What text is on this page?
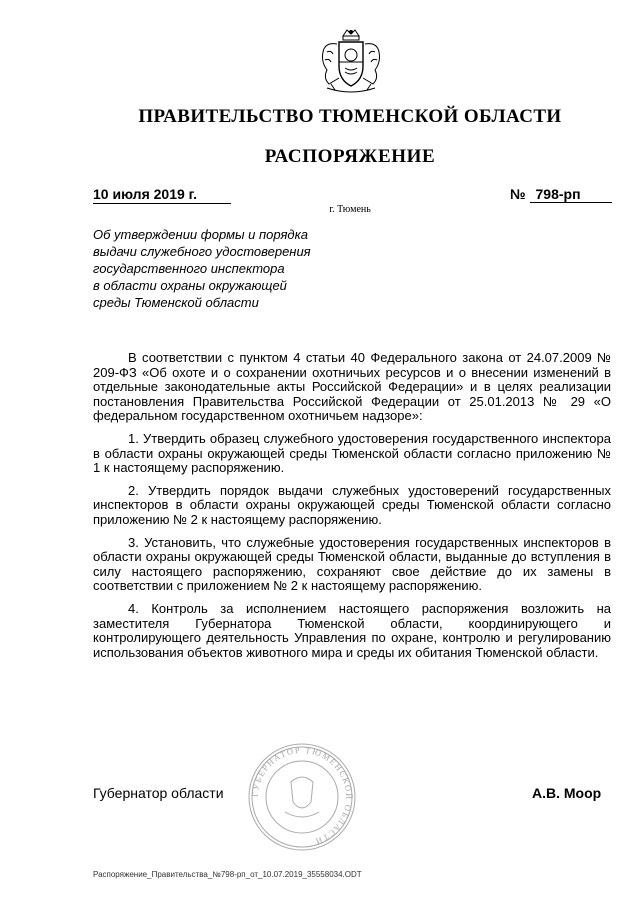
ПРАВИТЕЛЬСТВО ТЮМЕНСКОЙ ОБЛАСТИ
РАСПОРЯЖЕНИЕ
10 июля 2019 г.	№ 798-рп
г. Тюмень
Об утверждении формы и порядка
выдачи служебного удостоверения
государственного инспектора
в области охраны окружающей
среды Тюменской области

В соответствии с пунктом 4 статьи 40 Федерального закона от 24.07.2009 № 209-ФЗ «Об охоте и о сохранении охотничьих ресурсов и о внесении изменений в отдельные законодательные акты Российской Федерации» и в целях реализации постановления Правительства Российской Федерации от 25.01.2013 № 29 «О федеральном государственном охотничьем надзоре»:

1. Утвердить образец служебного удостоверения государственного инспектора в области охраны окружающей среды Тюменской области согласно приложению № 1 к настоящему распоряжению.

2. Утвердить порядок выдачи служебных удостоверений государственных инспекторов в области охраны окружающей среды Тюменской области согласно приложению № 2 к настоящему распоряжению.

3. Установить, что служебные удостоверения государственных инспекторов в области охраны окружающей среды Тюменской области, выданные до вступления в силу настоящего распоряжению, сохраняют свое действие до их замены в соответствии с приложением № 2 к настоящему распоряжению.

4. Контроль за исполнением настоящего распоряжения возложить на заместителя Губернатора Тюменской области, координирующего и контролирующего деятельность Управления по охране, контролю и регулированию использования объектов животного мира и среды их обитания Тюменской области.

ГУБЕРНАТОР ТЮМЕНСКОЙ ОБЛАСТИ
Губернатор области	А.В. Моор
Распоряжение_Правительства_№798-рп_от_10.07.2019_35558034.ODT
